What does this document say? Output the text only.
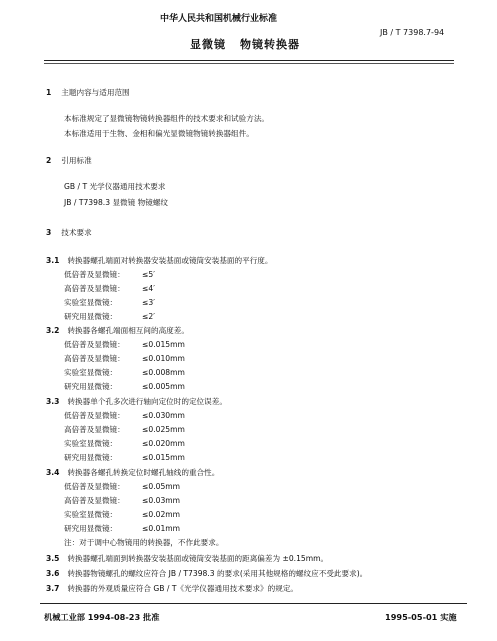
中华人民共和国机械行业标准
JB / T 7398.7-94
显微镜 物镜转换器
1 主题内容与适用范围
本标准规定了显微镜物镜转换器组件的技术要求和试验方法。
本标准适用于生物、金相和偏光显微镜物镜转换器组件。
2 引用标准
GB / T 光学仪器通用技术要求
JB / T7398.3 显微镜 物镜螺纹
3 技术要求
3.1 转换器螺孔端面对转换器安装基面或镜筒安装基面的平行度。
低倍普及显微镜： ≤5′
高倍普及显微镜： ≤4′
实验室显微镜：	≤3′
研究用显微镜：	≤2′
3.2 转换器各螺孔端面相互间的高度差。
低倍普及显微镜： ≤0.015mm
高倍普及显微镜： ≤0.010mm
实验室显微镜：	≤0.008mm
研究用显微镜：	≤0.005mm
3.3 转换器单个孔多次进行轴向定位时的定位误差。
低倍普及显微镜： ≤0.030mm
高倍普及显微镜： ≤0.025mm
实验室显微镜：	≤0.020mm
研究用显微镜：	≤0.015mm
3.4 转换器各螺孔转换定位时螺孔轴线的重合性。
低倍普及显微镜： ≤0.05mm
高倍普及显微镜： ≤0.03mm
实验室显微镜：	≤0.02mm
研究用显微镜：	≤0.01mm
注：对于调中心物镜用的转换器，不作此要求。
3.5 转换器螺孔端面到转换器安装基面或镜筒安装基面的距离偏差为 ±0.15mm。
3.6 转换器物镜螺孔的螺纹应符合 JB / T7398.3 的要求(采用其他规格的螺纹应不受此要求)。
3.7 转换器的外观质量应符合 GB / T《光学仪器通用技术要求》的规定。
机械工业部 1994-08-23 批准	1995-05-01 实施
